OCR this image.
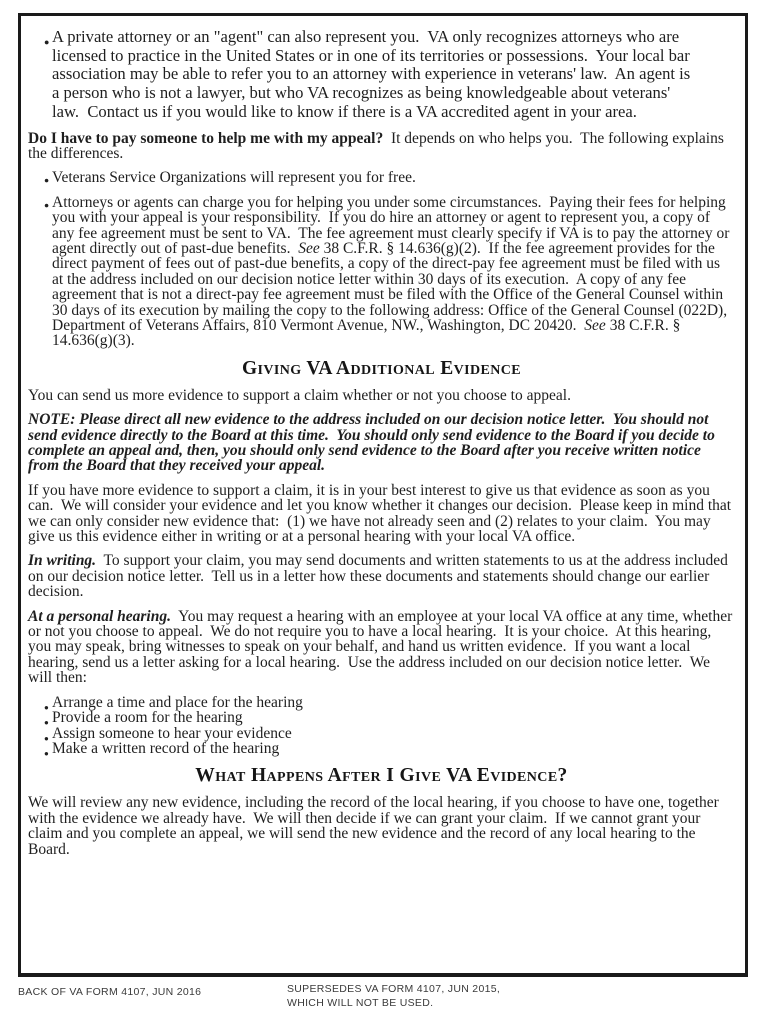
● A private attorney or an "agent" can also represent you.  VA only recognizes attorneys who are licensed to practice in the United States or in one of its territories or possessions.  Your local bar association may be able to refer you to an attorney with experience in veterans' law.  An agent is a person who is not a lawyer, but who VA recognizes as being knowledgeable about veterans' law.  Contact us if you would like to know if there is a VA accredited agent in your area.
Do I have to pay someone to help me with my appeal?  It depends on who helps you.  The following explains the differences.
● Veterans Service Organizations will represent you for free.
● Attorneys or agents can charge you for helping you under some circumstances.  Paying their fees for helping you with your appeal is your responsibility.  If you do hire an attorney or agent to represent you, a copy of any fee agreement must be sent to VA.  The fee agreement must clearly specify if VA is to pay the attorney or agent directly out of past-due benefits.  See 38 C.F.R. § 14.636(g)(2).  If the fee agreement provides for the direct payment of fees out of past-due benefits, a copy of the direct-pay fee agreement must be filed with us at the address included on our decision notice letter within 30 days of its execution.  A copy of any fee agreement that is not a direct-pay fee agreement must be filed with the Office of the General Counsel within 30 days of its execution by mailing the copy to the following address: Office of the General Counsel (022D), Department of Veterans Affairs, 810 Vermont Avenue, NW., Washington, DC 20420.  See 38 C.F.R. § 14.636(g)(3).
Giving VA Additional Evidence
You can send us more evidence to support a claim whether or not you choose to appeal.
NOTE: Please direct all new evidence to the address included on our decision notice letter.  You should not send evidence directly to the Board at this time.  You should only send evidence to the Board if you decide to complete an appeal and, then, you should only send evidence to the Board after you receive written notice from the Board that they received your appeal.
If you have more evidence to support a claim, it is in your best interest to give us that evidence as soon as you can.  We will consider your evidence and let you know whether it changes our decision.  Please keep in mind that we can only consider new evidence that:  (1) we have not already seen and (2) relates to your claim.  You may give us this evidence either in writing or at a personal hearing with your local VA office.
In writing.  To support your claim, you may send documents and written statements to us at the address included on our decision notice letter.  Tell us in a letter how these documents and statements should change our earlier decision.
At a personal hearing.  You may request a hearing with an employee at your local VA office at any time, whether or not you choose to appeal.  We do not require you to have a local hearing.  It is your choice.  At this hearing, you may speak, bring witnesses to speak on your behalf, and hand us written evidence.  If you want a local hearing, send us a letter asking for a local hearing.  Use the address included on our decision notice letter.  We will then:
● Arrange a time and place for the hearing
● Provide a room for the hearing
● Assign someone to hear your evidence
● Make a written record of the hearing
What Happens After I Give VA Evidence?
We will review any new evidence, including the record of the local hearing, if you choose to have one, together with the evidence we already have.  We will then decide if we can grant your claim.  If we cannot grant your claim and you complete an appeal, we will send the new evidence and the record of any local hearing to the Board.
BACK OF VA FORM 4107, JUN 2016	SUPERSEDES VA FORM 4107, JUN 2015,
WHICH WILL NOT BE USED.
